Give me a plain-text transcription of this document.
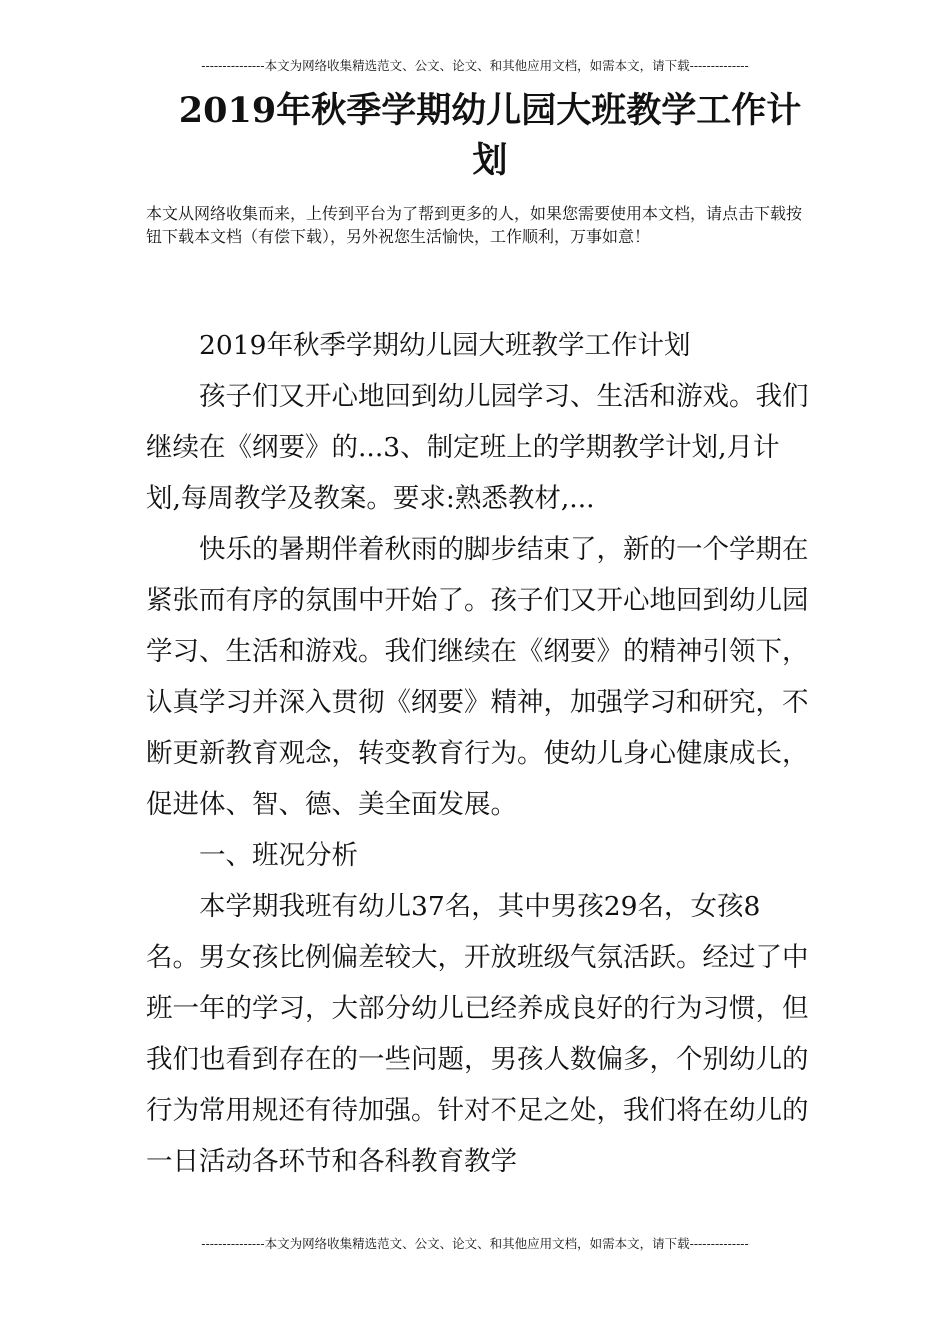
---------------本文为网络收集精选范文、公文、论文、和其他应用文档，如需本文，请下载--------------
2019年秋季学期幼儿园大班教学工作计划
本文从网络收集而来，上传到平台为了帮到更多的人，如果您需要使用本文档，请点击下载按钮下载本文档（有偿下载），另外祝您生活愉快，工作顺利，万事如意！

2019年秋季学期幼儿园大班教学工作计划

孩子们又开心地回到幼儿园学习、生活和游戏。我们继续在《纲要》的...3、制定班上的学期教学计划,月计划,每周教学及教案。要求:熟悉教材,...

快乐的暑期伴着秋雨的脚步结束了，新的一个学期在紧张而有序的氛围中开始了。孩子们又开心地回到幼儿园学习、生活和游戏。我们继续在《纲要》的精神引领下，认真学习并深入贯彻《纲要》精神，加强学习和研究，不断更新教育观念，转变教育行为。使幼儿身心健康成长，促进体、智、德、美全面发展。

一、班况分析

本学期我班有幼儿37名，其中男孩29名，女孩8 名。男女孩比例偏差较大，开放班级气氛活跃。经过了中班一年的学习，大部分幼儿已经养成良好的行为习惯，但我们也看到存在的一些问题，男孩人数偏多，个别幼儿的行为常用规还有待加强。针对不足之处，我们将在幼儿的一日活动各环节和各科教育教学

---------------本文为网络收集精选范文、公文、论文、和其他应用文档，如需本文，请下载--------------
